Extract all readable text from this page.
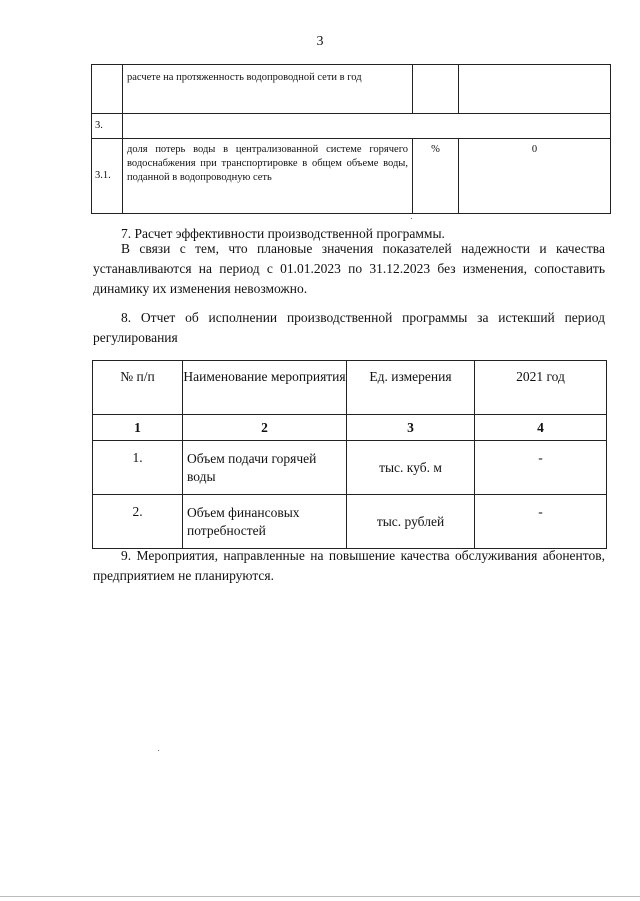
3
	расчете на протяженность водопроводной сети в год		
3.			
3.1.	доля потерь воды в централизованной системе горячего водоснабжения при транспортировке в общем объеме воды, поданной в водопроводную сеть	%	0
7. Расчет эффективности производственной программы.
В связи с тем, что плановые значения показателей надежности и качества устанавливаются на период с 01.01.2023 по 31.12.2023 без изменения, сопоставить динамику их изменения невозможно.
8. Отчет об исполнении производственной программы за истекший период регулирования
№ п/п	Наименование мероприятия	Ед. измерения	2021 год
1	2	3	4
1.	Объем подачи горячей воды	тыс. куб. м	-
2.	Объем финансовых потребностей	тыс. рублей	-
9. Мероприятия, направленные на повышение качества обслуживания абонентов, предприятием не планируются.
